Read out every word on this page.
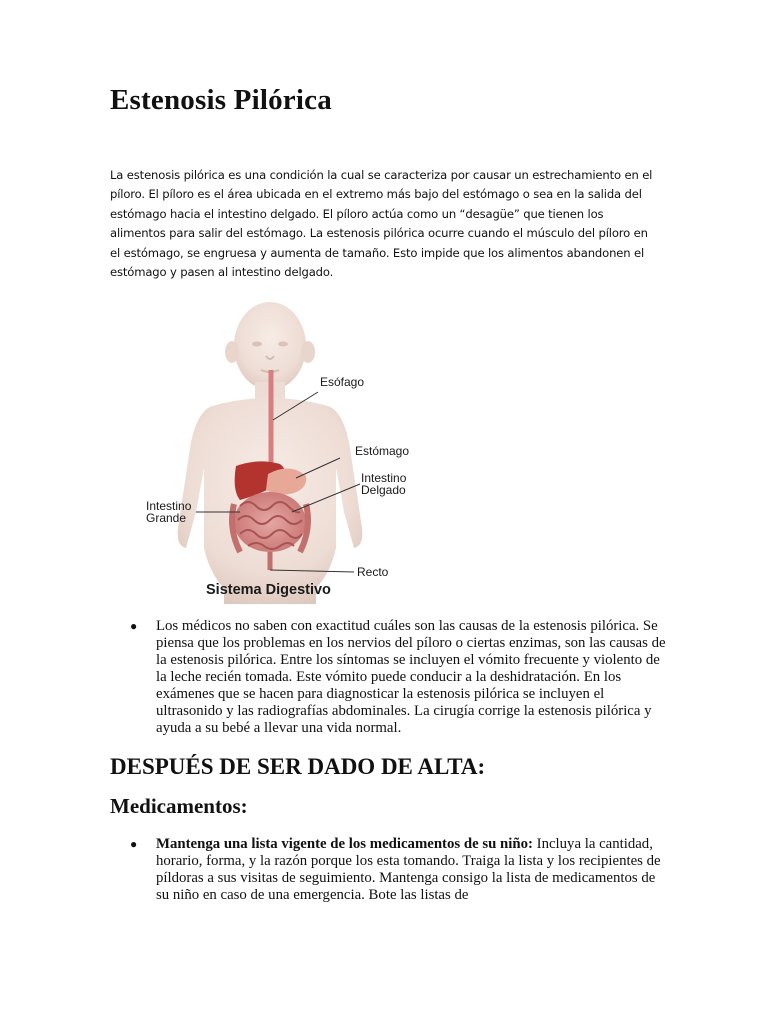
Estenosis Pilórica

La estenosis pilórica es una condición la cual se caracteriza por causar un estrechamiento en el píloro. El píloro es el área ubicada en el extremo más bajo del estómago o sea en la salida del estómago hacia el intestino delgado. El píloro actúa como un “desagüe” que tienen los alimentos para salir del estómago. La estenosis pilórica ocurre cuando el músculo del píloro en el estómago, se engruesa y aumenta de tamaño. Esto impide que los alimentos abandonen el estómago y pasen al intestino delgado.

Esófago
Estómago
Intestino
Delgado
Intestino
Grande
Recto
Sistema Digestivo
● Los médicos no saben con exactitud cuáles son las causas de la estenosis pilórica. Se piensa que los problemas en los nervios del píloro o ciertas enzimas, son las causas de la estenosis pilórica. Entre los síntomas se incluyen el vómito frecuente y violento de la leche recién tomada. Este vómito puede conducir a la deshidratación. En los exámenes que se hacen para diagnosticar la estenosis pilórica se incluyen el ultrasonido y las radiografías abdominales. La cirugía corrige la estenosis pilórica y ayuda a su bebé a llevar una vida normal.
DESPUÉS DE SER DADO DE ALTA:
Medicamentos:
● Mantenga una lista vigente de los medicamentos de su niño: Incluya la cantidad, horario, forma, y la razón porque los esta tomando. Traiga la lista y los recipientes de píldoras a sus visitas de seguimiento. Mantenga consigo la lista de medicamentos de su niño en caso de una emergencia. Bote las listas de
